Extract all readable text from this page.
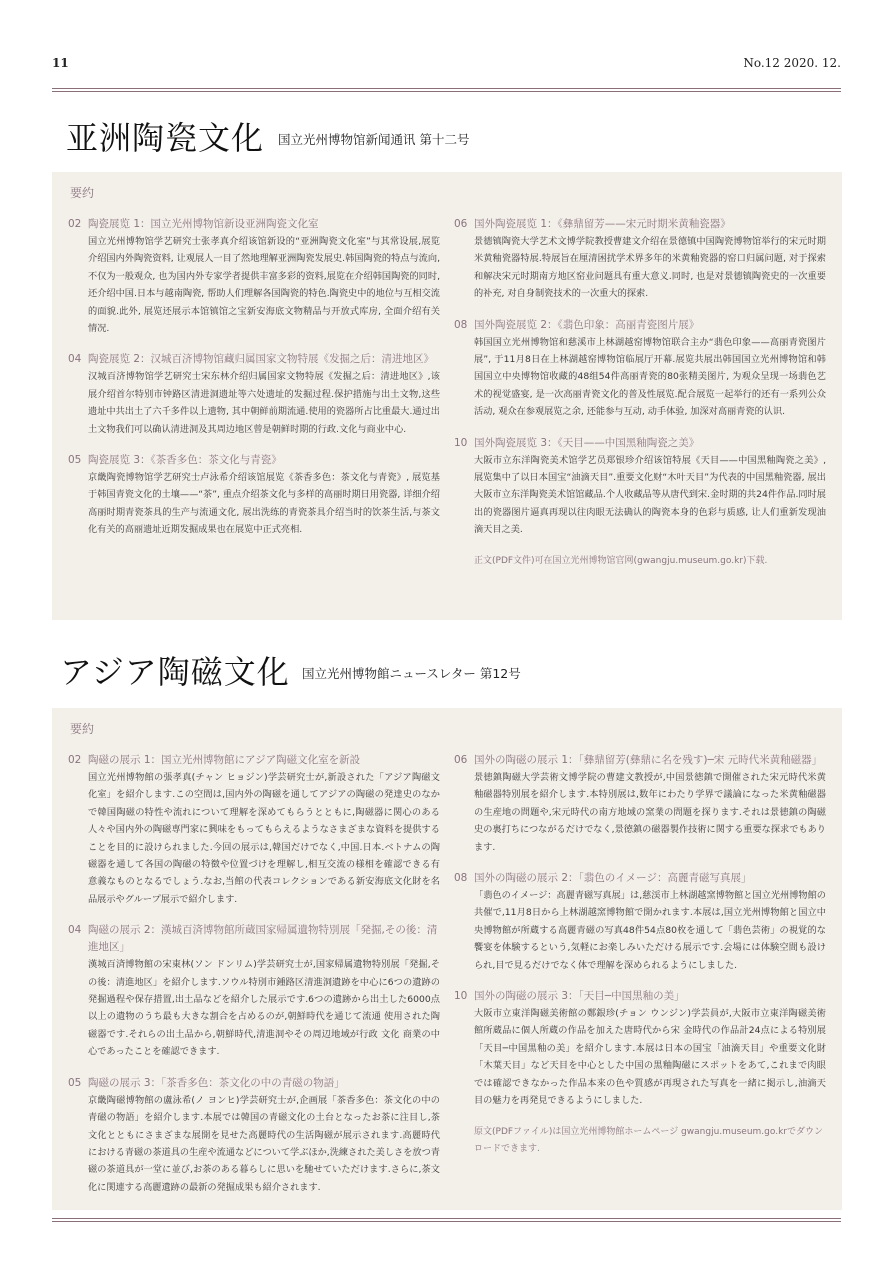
11	No.12 2020. 12.
亚洲陶瓷文化 国立光州博物馆新闻通讯 第十二号
要约
02 陶瓷展览 1：国立光州博物馆新设亚洲陶瓷文化室
国立光州博物馆学艺研究士张孝真介绍该馆新设的“亚洲陶瓷文化室”与其常设展,展览介绍国内外陶瓷资料, 让观展人一目了然地理解亚洲陶瓷发展史.韩国陶瓷的特点与流向, 不仅为一般观众, 也为国内外专家学者提供丰富多彩的资料,展览在介绍韩国陶瓷的同时, 还介绍中国.日本与越南陶瓷, 帮助人们理解各国陶瓷的特色.陶瓷史中的地位与互相交流的面貌.此外, 展览还展示本馆镇馆之宝新安海底文物精品与开放式库房, 全面介绍有关情况.
04 陶瓷展览 2：汉城百济博物馆藏归属国家文物特展《发掘之后：清进地区》
汉城百济博物馆学艺研究士宋东林介绍归属国家文物特展《发掘之后：清进地区》,该展介绍首尔特别市钟路区清进洞遗址等六处遗址的发掘过程.保护措施与出土文物,这些遗址中共出土了六千多件以上遗物, 其中朝鲜前期流通.使用的瓷器所占比重最大.通过出土文物我们可以确认清进洞及其周边地区曾是朝鲜时期的行政.文化与商业中心.
05 陶瓷展览 3：《茶香多色：茶文化与青瓷》
京畿陶瓷博物馆学艺研究士卢泳希介绍该馆展览《茶香多色：茶文化与青瓷》, 展览基于韩国青瓷文化的土壤——“茶”, 重点介绍茶文化与多样的高丽时期日用瓷器, 详细介绍高丽时期青瓷茶具的生产与流通文化, 展出洗练的青瓷茶具介绍当时的饮茶生活,与茶文化有关的高丽遗址近期发掘成果也在展览中正式亮相.
06 国外陶瓷展览 1：《彝鼎留芳——宋元时期米黄釉瓷器》
景德镇陶瓷大学艺术文博学院教授曹建文介绍在景德镇中国陶瓷博物馆举行的宋元时期米黄釉瓷器特展.特展旨在厘清困扰学术界多年的米黄釉瓷器的窑口归属问题, 对于探索和解决宋元时期南方地区窑业问题具有重大意义.同时, 也是对景德镇陶瓷史的一次重要的补充, 对自身制瓷技术的一次重大的探索.
08 国外陶瓷展览 2：《翡色印象：高丽青瓷图片展》
韩国国立光州博物馆和慈溪市上林湖越窑博物馆联合主办“翡色印象——高丽青瓷图片展”, 于11月8日在上林湖越窑博物馆临展厅开幕.展览共展出韩国国立光州博物馆和韩国国立中央博物馆收藏的48组54件高丽青瓷的80张精美图片, 为观众呈现一场翡色艺术的视觉盛宴, 是一次高丽青瓷文化的普及性展览.配合展览一起举行的还有一系列公众活动, 观众在参观展览之余, 还能参与互动, 动手体验, 加深对高丽青瓷的认识.
10 国外陶瓷展览 3：《天目——中国黑釉陶瓷之美》
大阪市立东洋陶瓷美术馆学艺员郑银珍介绍该馆特展《天目——中国黑釉陶瓷之美》, 展览集中了以日本国宝“油滴天目”.重要文化财“木叶天目”为代表的中国黑釉瓷器, 展出大阪市立东洋陶瓷美术馆馆藏品.个人收藏品等从唐代到宋.金时期的共24件作品.同时展出的瓷器图片逼真再现以往肉眼无法确认的陶瓷本身的色彩与质感, 让人们重新发现油滴天目之美.
正文(PDF文件)可在国立光州博物馆官网(gwangju.museum.go.kr)下载.
アジア陶磁文化 国立光州博物館ニュースレター 第12号
要約
02 陶磁の展示 1：国立光州博物館にアジア陶磁文化室を新設
国立光州博物館の張孝真(チャン ヒョジン)学芸研究士が,新設された「アジア陶磁文化室」を紹介します.この空間は,国内外の陶磁を通してアジアの陶磁の発達史のなかで韓国陶磁の特性や流れについて理解を深めてもらうとともに,陶磁器に関心のある人々や国内外の陶磁専門家に興味をもってもらえるようなさまざまな資料を提供することを目的に設けられました.今回の展示は,韓国だけでなく,中国.日本.ベトナムの陶磁器を通して各国の陶磁の特徴や位置づけを理解し,相互交流の様相を確認できる有意義なものとなるでしょう.なお,当館の代表コレクションである新安海底文化財を名品展示やグループ展示で紹介します.
04 陶磁の展示 2：漢城百済博物館所蔵国家帰属遺物特別展「発掘,その後：清進地区」
漢城百済博物館の宋東林(ソン ドンリム)学芸研究士が,国家帰属遺物特別展「発掘,その後：清進地区」を紹介します.ソウル特別市鍾路区清進洞遺跡を中心に6つの遺跡の発掘過程や保存措置,出土品などを紹介した展示です.6つの遺跡から出土した6000点以上の遺物のうち最も大きな割合を占めるのが,朝鮮時代を通じて流通 使用された陶磁器です.それらの出土品から,朝鮮時代,清進洞やその周辺地域が行政 文化 商業の中心であったことを確認できます.
05 陶磁の展示 3：「茶香多色：茶文化の中の青磁の物語」
京畿陶磁博物館の盧泳希(ノ ヨンヒ)学芸研究士が,企画展「茶香多色：茶文化の中の青磁の物語」を紹介します.本展では韓国の青磁文化の土台となったお茶に注目し,茶文化とともにさまざまな展開を見せた高麗時代の生活陶磁が展示されます.高麗時代における青磁の茶道具の生産や流通などについて学ぶほか,洗練された美しさを放つ青磁の茶道具が一堂に並び,お茶のある暮らしに思いを馳せていただけます.さらに,茶文化に関連する高麗遺跡の最新の発掘成果も紹介されます.
06 国外の陶磁の展示 1：「彝鼎留芳(彝鼎に名を残す)─宋 元時代米黄釉磁器」
景徳鎮陶磁大学芸術文博学院の曹建文教授が,中国景徳鎮で開催された宋元時代米黄釉磁器特別展を紹介します.本特別展は,数年にわたり学界で議論になった米黄釉磁器の生産地の問題や,宋元時代の南方地域の窯業の問題を探ります.それは景徳鎮の陶磁史の裏打ちにつながるだけでなく,景徳鎮の磁器製作技術に関する重要な探求でもあります.
08 国外の陶磁の展示 2：「翡色のイメージ：高麗青磁写真展」
「翡色のイメージ：高麗青磁写真展」は,慈渓市上林湖越窯博物館と国立光州博物館の共催で,11月8日から上林湖越窯博物館で開かれます.本展は,国立光州博物館と国立中央博物館が所蔵する高麗青磁の写真48件54点80枚を通して「翡色芸術」の視覚的な饗宴を体験するという,気軽にお楽しみいただける展示です.会場には体験空間も設けられ,目で見るだけでなく体で理解を深められるようにしました.
10 国外の陶磁の展示 3：「天目─中国黒釉の美」
大阪市立東洋陶磁美術館の鄭銀珍(チョン ウンジン)学芸員が,大阪市立東洋陶磁美術館所蔵品に個人所蔵の作品を加えた唐時代から宋 金時代の作品計24点による特別展「天目─中国黒釉の美」を紹介します.本展は日本の国宝「油滴天目」や重要文化財「木葉天目」など天目を中心とした中国の黒釉陶磁にスポットをあて,これまで肉眼では確認できなかった作品本来の色や質感が再現された写真を一緒に掲示し,油滴天目の魅力を再発見できるようにしました.
原文(PDFファイル)は国立光州博物館ホームページ gwangju.museum.go.krでダウンロードできます.
